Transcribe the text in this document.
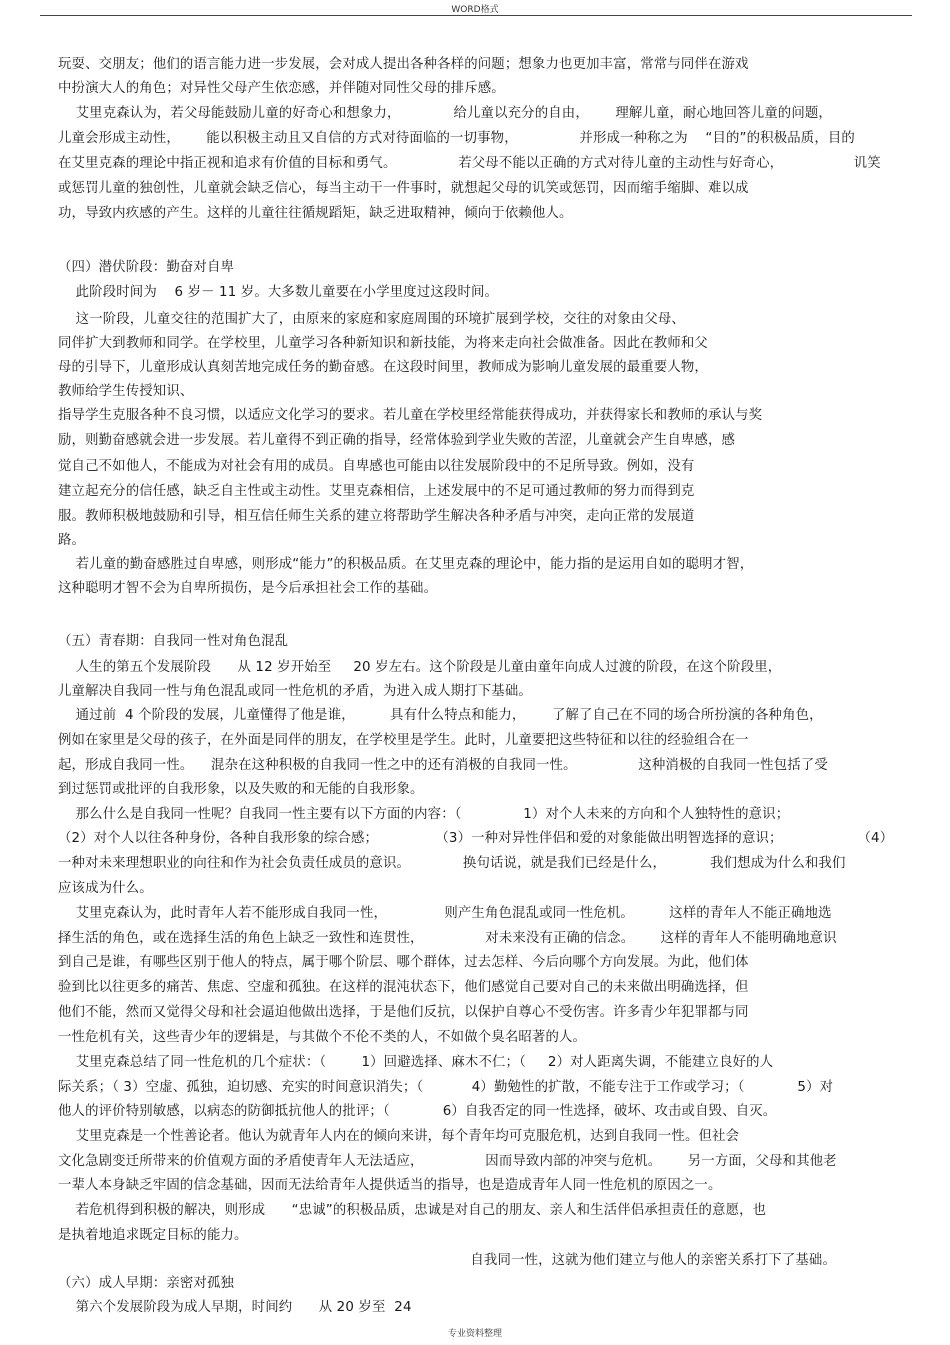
WORD格式
玩耍、交朋友；他们的语言能力进一步发展，会对成人提出各种各样的问题；想象力也更加丰富，常常与同伴在游戏
中扮演大人的角色；对异性父母产生依恋感，并伴随对同性父母的排斥感。
艾里克森认为，若父母能鼓励儿童的好奇心和想象力，            给儿童以充分的自由，      理解儿童，耐心地回答儿童的问题，
儿童会形成主动性，      能以积极主动且又自信的方式对待面临的一切事物，              并形成一种称之为    “目的”的积极品质，目的
在艾里克森的理论中指正视和追求有价值的目标和勇气。              若父母不能以正确的方式对待儿童的主动性与好奇心，                讥笑
或惩罚儿童的独创性，儿童就会缺乏信心，每当主动干一件事时，就想起父母的讥笑或惩罚，因而缩手缩脚、难以成
功，导致内疚感的产生。这样的儿童往往循规蹈矩，缺乏进取精神，倾向于依赖他人。
（四）潜伏阶段：勤奋对自卑
此阶段时间为    6 岁－ 11 岁。大多数儿童要在小学里度过这段时间。
这一阶段，儿童交往的范围扩大了，由原来的家庭和家庭周围的环境扩展到学校，交往的对象由父母、
同伴扩大到教师和同学。在学校里，儿童学习各种新知识和新技能，为将来走向社会做准备。因此在教师和父
母的引导下，儿童形成认真刻苦地完成任务的勤奋感。在这段时间里，教师成为影响儿童发展的最重要人物，
教师给学生传授知识、
指导学生克服各种不良习惯，以适应文化学习的要求。若儿童在学校里经常能获得成功，并获得家长和教师的承认与奖
励，则勤奋感就会进一步发展。若儿童得不到正确的指导，经常体验到学业失败的苦涩，儿童就会产生自卑感，感
觉自己不如他人，不能成为对社会有用的成员。自卑感也可能由以往发展阶段中的不足所导致。例如，没有
建立起充分的信任感，缺乏自主性或主动性。艾里克森相信，上述发展中的不足可通过教师的努力而得到克
服。教师积极地鼓励和引导，相互信任师生关系的建立将帮助学生解决各种矛盾与冲突，走向正常的发展道
路。
若儿童的勤奋感胜过自卑感，则形成“能力”的积极品质。在艾里克森的理论中，能力指的是运用自如的聪明才智，
这种聪明才智不会为自卑所损伤，是今后承担社会工作的基础。
（五）青春期：自我同一性对角色混乱
人生的第五个发展阶段      从 12 岁开始至     20 岁左右。这个阶段是儿童由童年向成人过渡的阶段，在这个阶段里，
儿童解决自我同一性与角色混乱或同一性危机的矛盾，为进入成人期打下基础。
通过前  4 个阶段的发展，儿童懂得了他是谁，        具有什么特点和能力，      了解了自己在不同的场合所扮演的各种角色，
例如在家里是父母的孩子，在外面是同伴的朋友，在学校里是学生。此时，儿童要把这些特征和以往的经验组合在一
起，形成自我同一性。    混杂在这种积极的自我同一性之中的还有消极的自我同一性。              这种消极的自我同一性包括了受
到过惩罚或批评的自我形象，以及失败的和无能的自我形象。
那么什么是自我同一性呢？自我同一性主要有以下方面的内容：（              1）对个人未来的方向和个人独特性的意识；
（2）对个人以往各种身份，各种自我形象的综合感；             （3）一种对异性伴侣和爱的对象能做出明智选择的意识；                 （4）
一种对未来理想职业的向往和作为社会负责任成员的意识。            换句话说，就是我们已经是什么，          我们想成为什么和我们
应该成为什么。
艾里克森认为，此时青年人若不能形成自我同一性，             则产生角色混乱或同一性危机。        这样的青年人不能正确地选
择生活的角色，或在选择生活的角色上缺乏一致性和连贯性，              对未来没有正确的信念。      这样的青年人不能明确地意识
到自己是谁，有哪些区别于他人的特点，属于哪个阶层、哪个群体，过去怎样、今后向哪个方向发展。为此，他们体
验到比以往更多的痛苦、焦虑、空虚和孤独。在这样的混沌状态下，他们感觉自己要对自己的未来做出明确选择，但
他们不能，然而又觉得父母和社会逼迫他做出选择，于是他们反抗，以保护自尊心不受伤害。许多青少年犯罪都与同
一性危机有关，这些青少年的逻辑是，与其做个不伦不类的人，不如做个臭名昭著的人。
艾里克森总结了同一性危机的几个症状：（        1）回避选择、麻木不仁；（     2）对人距离失调，不能建立良好的人
际关系；（ 3）空虚、孤独，迫切感、充实的时间意识消失；（           4）勤勉性的扩散，不能专注于工作或学习；（            5）对
他人的评价特别敏感，以病态的防御抵抗他人的批评；（            6）自我否定的同一性选择，破坏、攻击或自毁、自灭。
艾里克森是一个性善论者。他认为就青年人内在的倾向来讲，每个青年均可克服危机，达到自我同一性。但社会
文化急剧变迁所带来的价值观方面的矛盾使青年人无法适应，              因而导致内部的冲突与危机。      另一方面，父母和其他老
一辈人本身缺乏牢固的信念基础，因而无法给青年人提供适当的指导，也是造成青年人同一性危机的原因之一。
若危机得到积极的解决，则形成      “忠诚”的积极品质，忠诚是对自己的朋友、亲人和生活伴侣承担责任的意愿，也
是执着地追求既定目标的能力。
自我同一性，这就为他们建立与他人的亲密关系打下了基础。
（六）成人早期：亲密对孤独
第六个发展阶段为成人早期，时间约      从 20 岁至  24
专业资料整理
